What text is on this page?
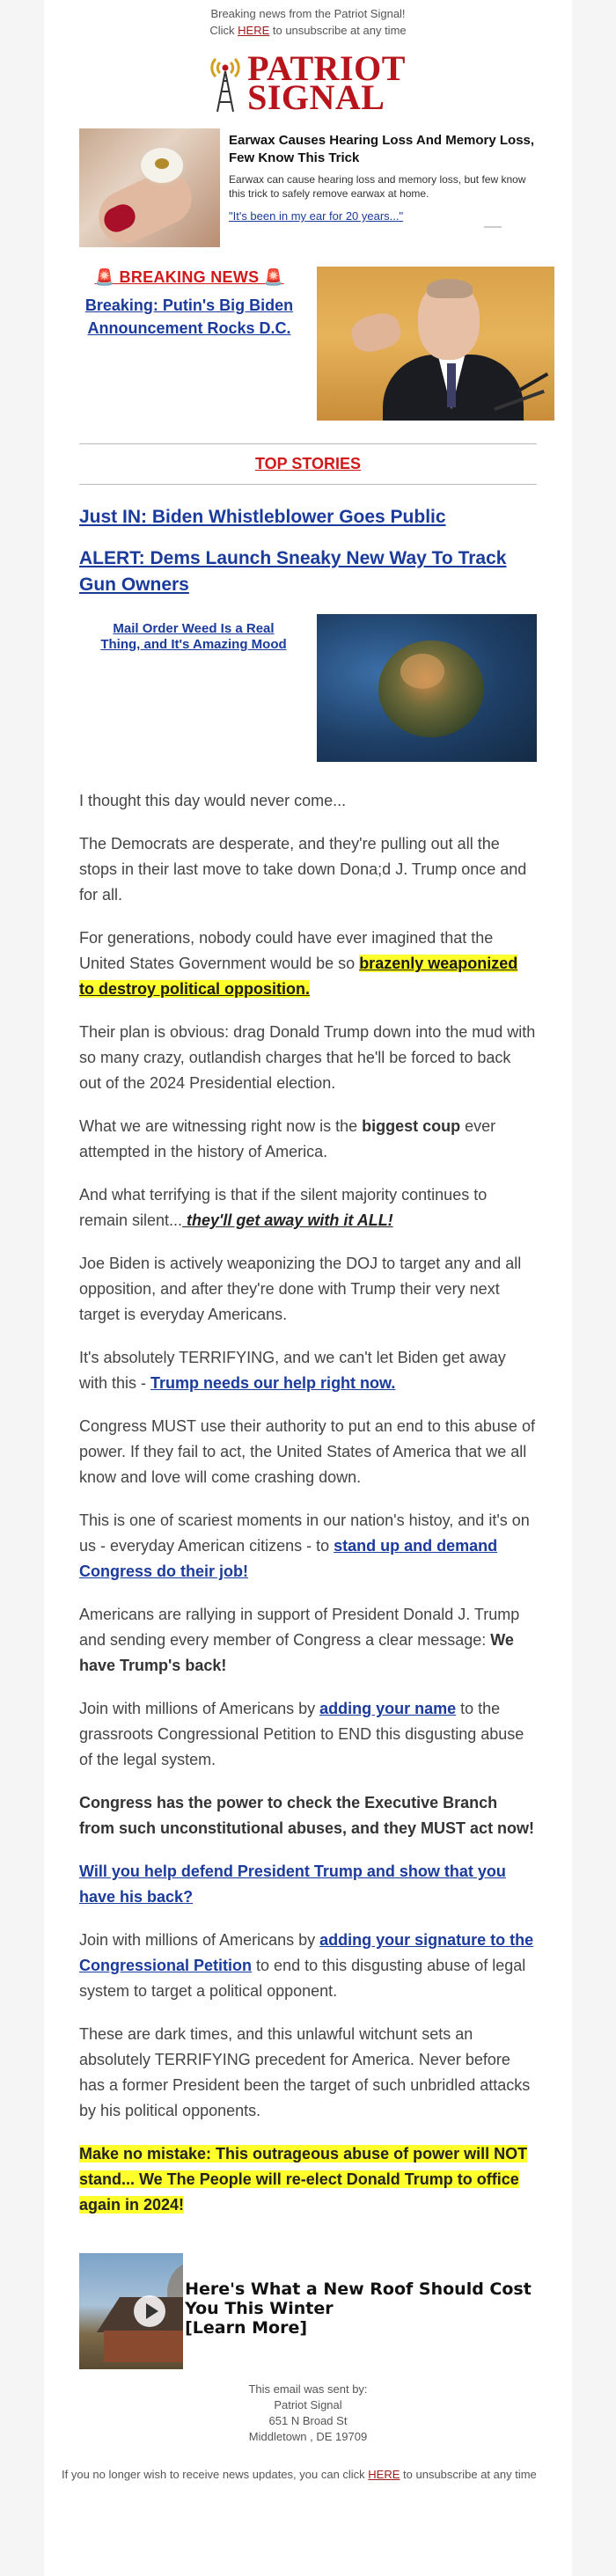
Breaking news from the Patriot Signal!
Click HERE to unsubscribe at any time
PATRIOT
SIGNAL
Earwax Causes Hearing Loss And Memory Loss, Few Know This Trick
Earwax can cause hearing loss and memory loss, but few know this trick to safely remove earwax at home.
"It's been in my ear for 20 years..."
🚨 BREAKING NEWS 🚨
Breaking: Putin's Big Biden Announcement Rocks D.C.
TOP STORIES
Just IN: Biden Whistleblower Goes Public
ALERT: Dems Launch Sneaky New Way To Track Gun Owners
Mail Order Weed Is a Real Thing, and It's Amazing Mood

I thought this day would never come...

The Democrats are desperate, and they're pulling out all the stops in their last move to take down Dona;d J. Trump once and for all.

For generations, nobody could have ever imagined that the United States Government would be so brazenly weaponized to destroy political opposition.

Their plan is obvious: drag Donald Trump down into the mud with so many crazy, outlandish charges that he'll be forced to back out of the 2024 Presidential election.

What we are witnessing right now is the biggest coup ever attempted in the history of America.

And what terrifying is that if the silent majority continues to remain silent... they'll get away with it ALL!

Joe Biden is actively weaponizing the DOJ to target any and all opposition, and after they're done with Trump their very next target is everyday Americans.

It's absolutely TERRIFYING, and we can't let Biden get away with this - Trump needs our help right now.

Congress MUST use their authority to put an end to this abuse of power. If they fail to act, the United States of America that we all know and love will come crashing down.

This is one of scariest moments in our nation's histoy, and it's on us - everyday American citizens - to stand up and demand Congress do their job!

Americans are rallying in support of President Donald J. Trump and sending every member of Congress a clear message: We have Trump's back!

Join with millions of Americans by adding your name to the grassroots Congressional Petition to END this disgusting abuse of the legal system.

Congress has the power to check the Executive Branch from such unconstitutional abuses, and they MUST act now!

Will you help defend President Trump and show that you have his back?

Join with millions of Americans by adding your signature to the Congressional Petition to end to this disgusting abuse of legal system to target a political opponent.

These are dark times, and this unlawful witchunt sets an absolutely TERRIFYING precedent for America. Never before has a former President been the target of such unbridled attacks by his political opponents.

Make no mistake: This outrageous abuse of power will NOT stand... We The People will re-elect Donald Trump to office again in 2024!

Here's What a New Roof Should Cost You This Winter
[Learn More]
This email was sent by:
Patriot Signal
651 N Broad St
Middletown , DE 19709
If you no longer wish to receive news updates, you can click HERE to unsubscribe at any time
